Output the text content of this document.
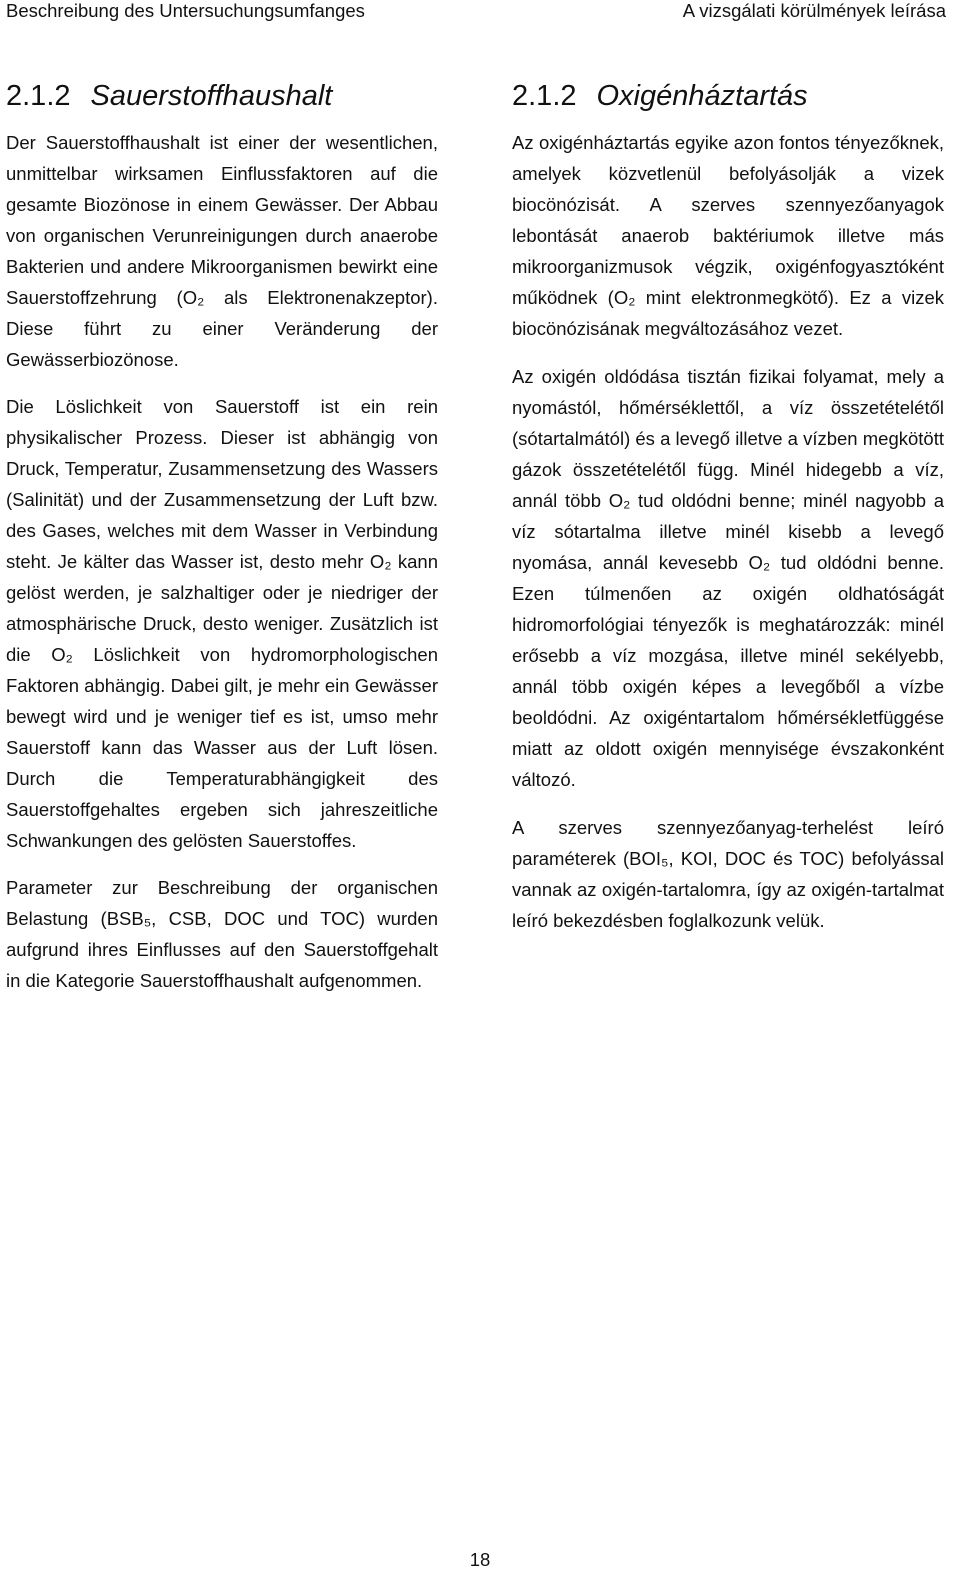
Beschreibung des Untersuchungsumfanges	A vizsgálati körülmények leírása
2.1.2 Sauerstoffhaushalt

Der Sauerstoffhaushalt ist einer der wesentlichen, unmittelbar wirksamen Einflussfaktoren auf die gesamte Biozönose in einem Gewässer. Der Abbau von organischen Verunreinigungen durch anaerobe Bakterien und andere Mikroorganismen bewirkt eine Sauerstoffzehrung (O₂ als Elektronenakzeptor). Diese führt zu einer Veränderung der Gewässerbiozönose.

Die Löslichkeit von Sauerstoff ist ein rein physikalischer Prozess. Dieser ist abhängig von Druck, Temperatur, Zusammensetzung des Wassers (Salinität) und der Zusammensetzung der Luft bzw. des Gases, welches mit dem Wasser in Verbindung steht. Je kälter das Wasser ist, desto mehr O₂ kann gelöst werden, je salzhaltiger oder je niedriger der atmosphärische Druck, desto weniger. Zusätzlich ist die O₂ Löslichkeit von hydromorphologischen Faktoren abhängig. Dabei gilt, je mehr ein Gewässer bewegt wird und je weniger tief es ist, umso mehr Sauerstoff kann das Wasser aus der Luft lösen. Durch die Temperaturabhängigkeit des Sauerstoffgehaltes ergeben sich jahreszeitliche Schwankungen des gelösten Sauerstoffes.

Parameter zur Beschreibung der organischen Belastung (BSB₅, CSB, DOC und TOC) wurden aufgrund ihres Einflusses auf den Sauerstoffgehalt in die Kategorie Sauerstoffhaushalt aufgenommen.

2.1.2 Oxigénháztartás

Az oxigénháztartás egyike azon fontos tényezőknek, amelyek közvetlenül befolyásolják a vizek biocönózisát. A szerves szennyezőanyagok lebontását anaerob baktériumok illetve más mikroorganizmusok végzik, oxigénfogyasztóként működnek (O₂ mint elektronmegkötő). Ez a vizek biocönózisának megváltozásához vezet.

Az oxigén oldódása tisztán fizikai folyamat, mely a nyomástól, hőmérséklettől, a víz összetételétől (sótartalmától) és a levegő illetve a vízben megkötött gázok összetételétől függ. Minél hidegebb a víz, annál több O₂ tud oldódni benne; minél nagyobb a víz sótartalma illetve minél kisebb a levegő nyomása, annál kevesebb O₂ tud oldódni benne. Ezen túlmenően az oxigén oldhatóságát hidromorfológiai tényezők is meghatározzák: minél erősebb a víz mozgása, illetve minél sekélyebb, annál több oxigén képes a levegőből a vízbe beoldódni. Az oxigéntartalom hőmérsékletfüggése miatt az oldott oxigén mennyisége évszakonként változó.

A szerves szennyezőanyag-terhelést leíró paraméterek (BOI₅, KOI, DOC és TOC) befolyással vannak az oxigén-tartalomra, így az oxigén-tartalmat leíró bekezdésben foglalkozunk velük.

18
